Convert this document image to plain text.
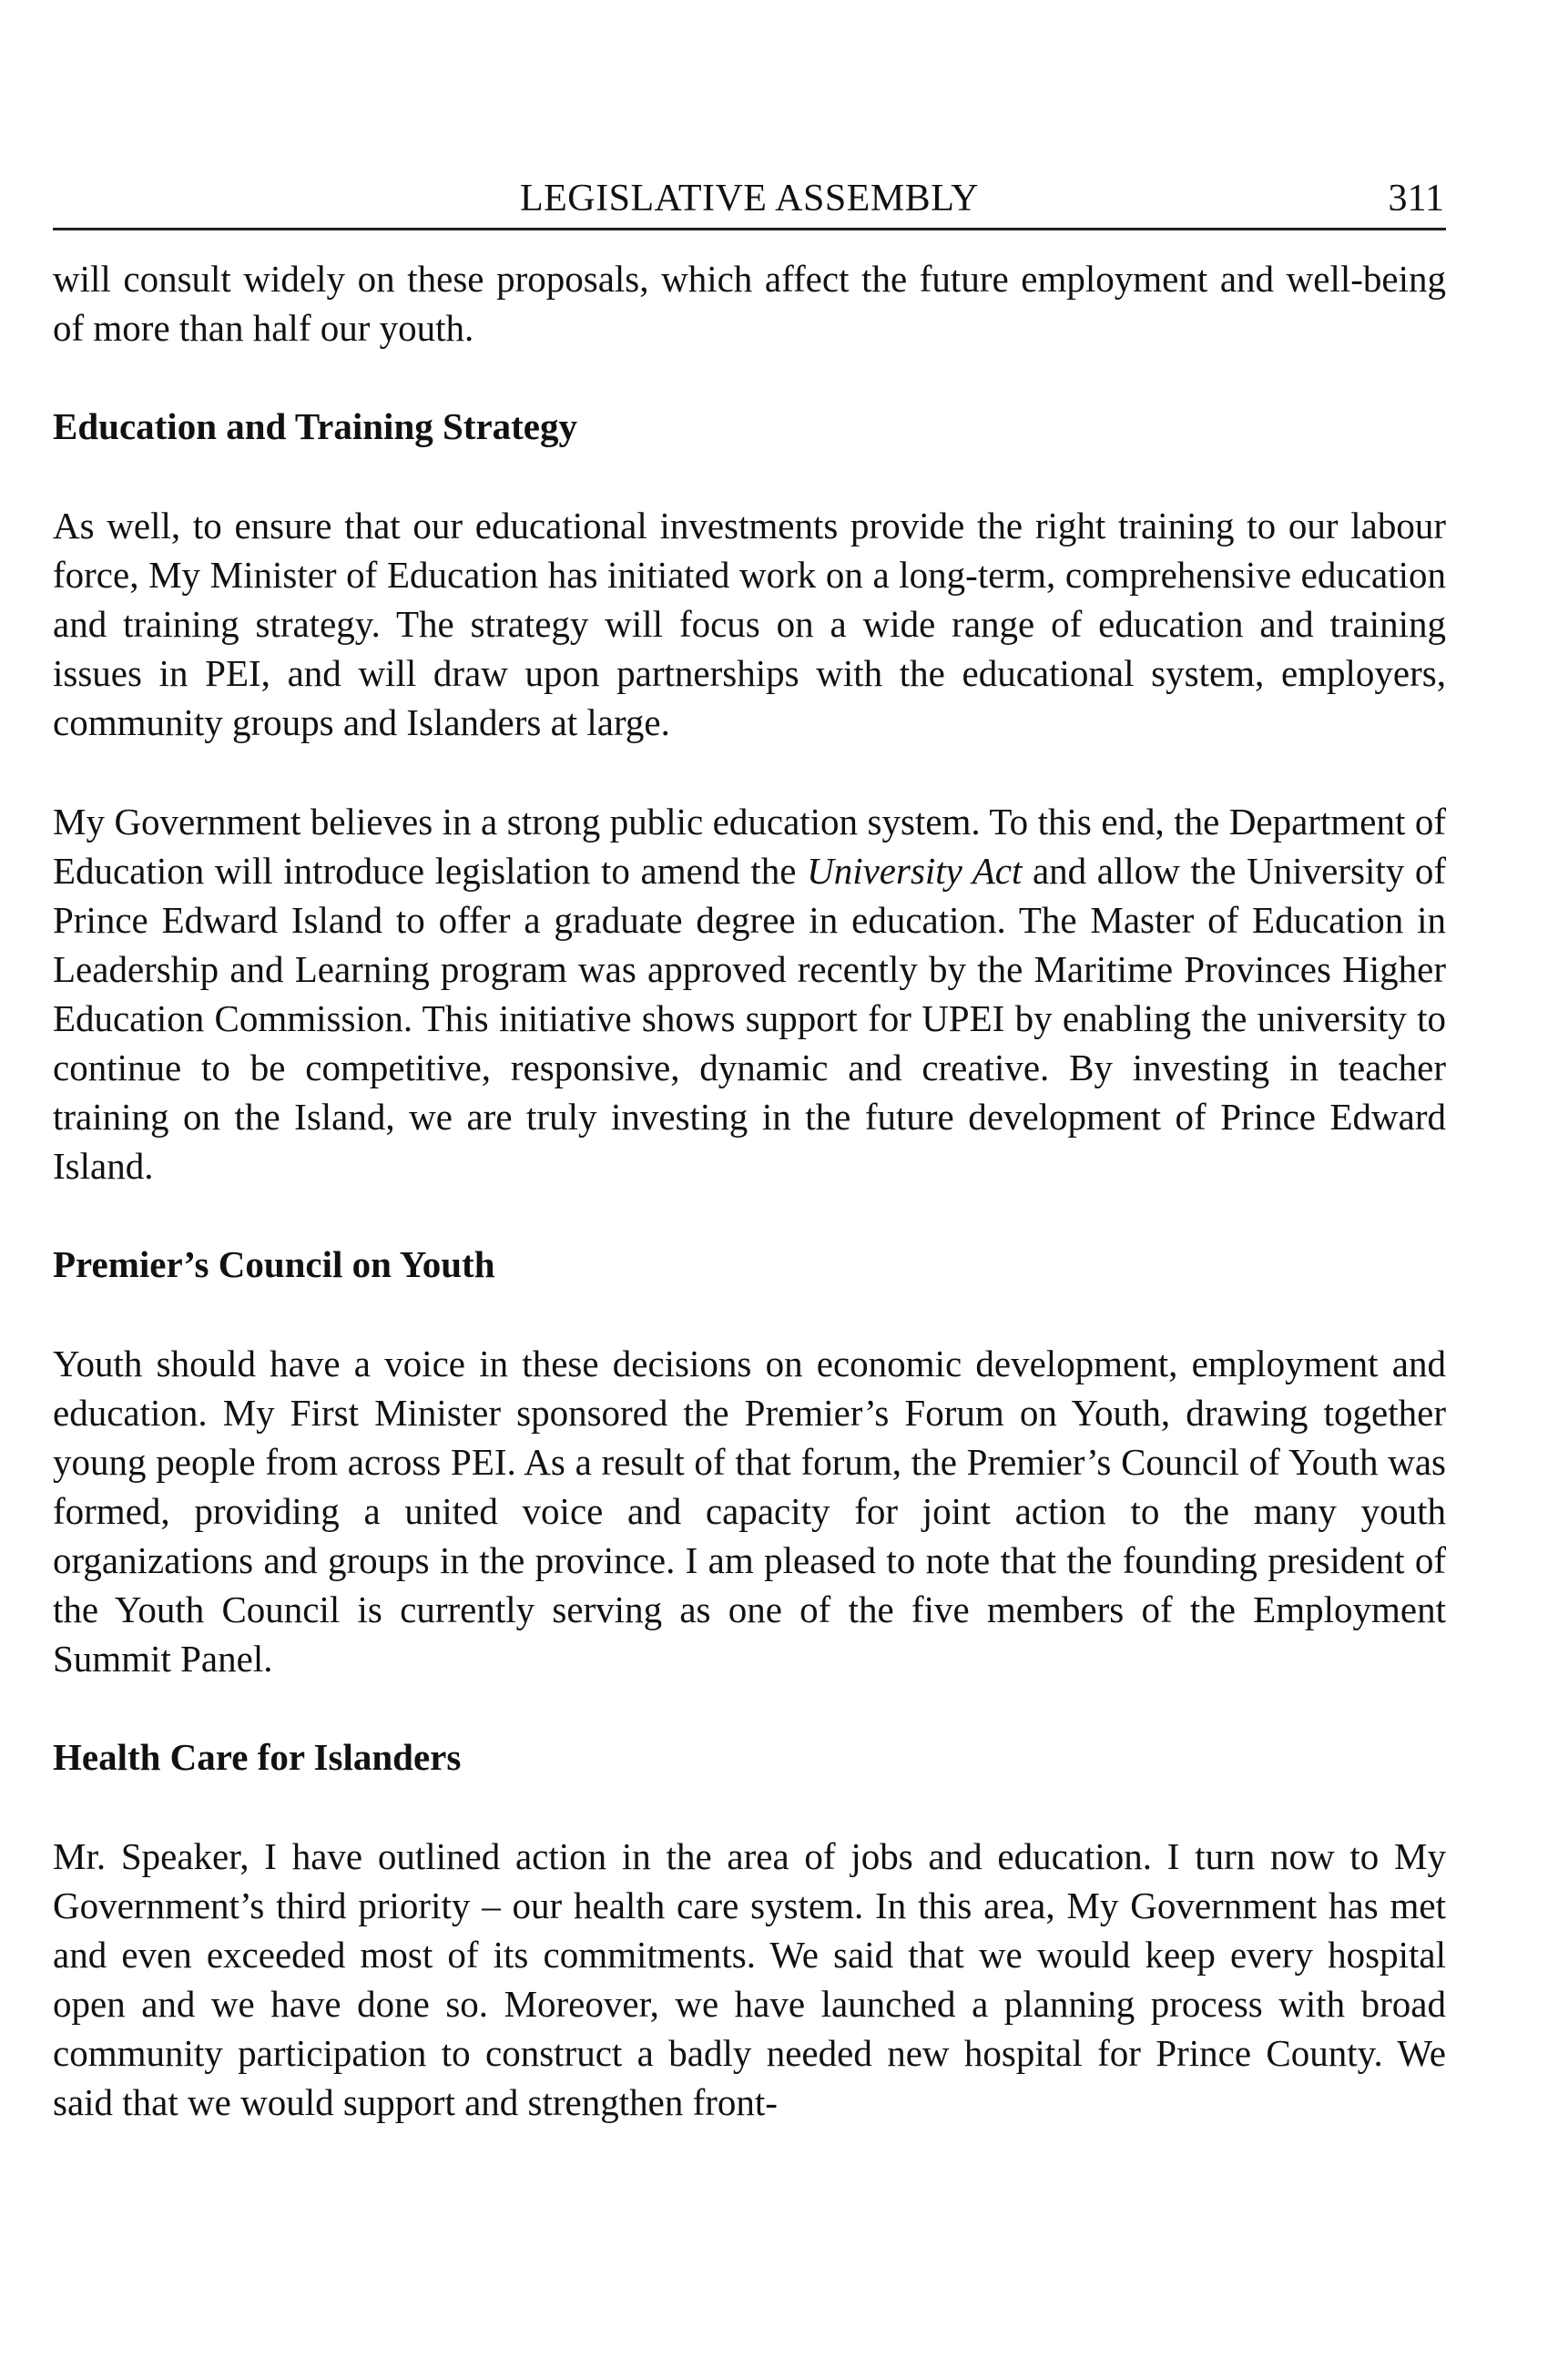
LEGISLATIVE ASSEMBLY	311

will consult widely on these proposals, which affect the future employment and well-being of more than half our youth.

Education and Training Strategy

As well, to ensure that our educational investments provide the right training to our labour force, My Minister of Education has initiated work on a long-term, comprehensive education and training strategy. The strategy will focus on a wide range of education and training issues in PEI, and will draw upon partnerships with the educational system, employers, community groups and Islanders at large.

My Government believes in a strong public education system. To this end, the Department of Education will introduce legislation to amend the University Act and allow the University of Prince Edward Island to offer a graduate degree in education. The Master of Education in Leadership and Learning program was approved recently by the Maritime Provinces Higher Education Commission. This initiative shows support for UPEI by enabling the university to continue to be competitive, responsive, dynamic and creative. By investing in teacher training on the Island, we are truly investing in the future development of Prince Edward Island.

Premier’s Council on Youth

Youth should have a voice in these decisions on economic development, employment and education. My First Minister sponsored the Premier’s Forum on Youth, drawing together young people from across PEI. As a result of that forum, the Premier’s Council of Youth was formed, providing a united voice and capacity for joint action to the many youth organizations and groups in the province. I am pleased to note that the founding president of the Youth Council is currently serving as one of the five members of the Employment Summit Panel.

Health Care for Islanders

Mr. Speaker, I have outlined action in the area of jobs and education. I turn now to My Government’s third priority – our health care system. In this area, My Government has met and even exceeded most of its commitments. We said that we would keep every hospital open and we have done so. Moreover, we have launched a planning process with broad community participation to construct a badly needed new hospital for Prince County. We said that we would support and strengthen front-
